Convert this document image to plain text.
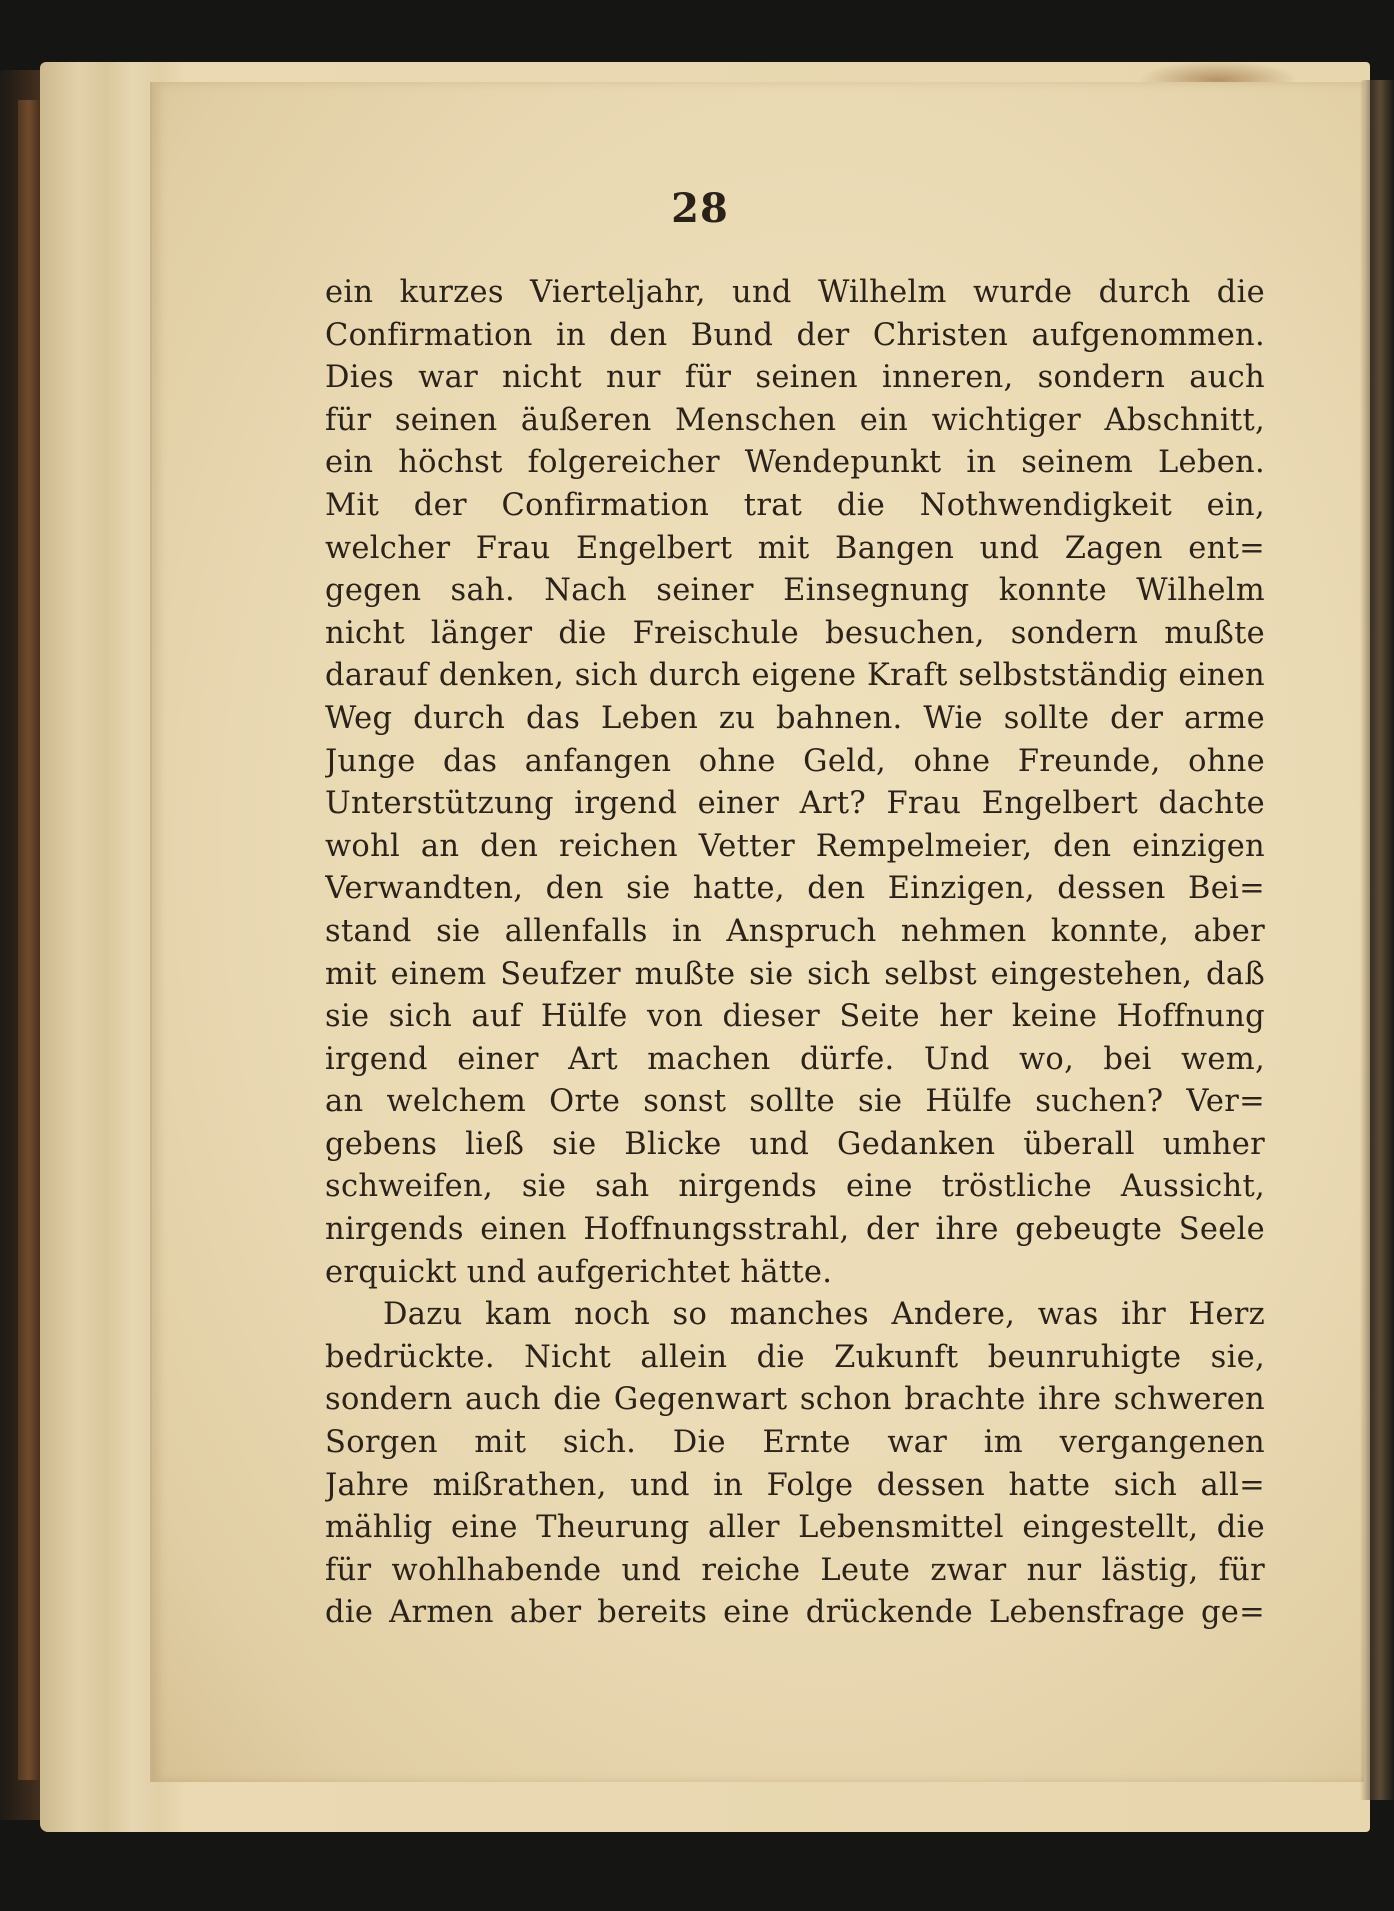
28
ein kurzes Vierteljahr, und Wilhelm wurde durch die
Confirmation in den Bund der Christen aufgenommen.
Dies war nicht nur für seinen inneren, sondern auch
für seinen äußeren Menschen ein wichtiger Abschnitt,
ein höchst folgereicher Wendepunkt in seinem Leben.
Mit der Confirmation trat die Nothwendigkeit ein,
welcher Frau Engelbert mit Bangen und Zagen ent=
gegen sah. Nach seiner Einsegnung konnte Wilhelm
nicht länger die Freischule besuchen, sondern mußte
darauf denken, sich durch eigene Kraft selbstständig einen
Weg durch das Leben zu bahnen. Wie sollte der arme
Junge das anfangen ohne Geld, ohne Freunde, ohne
Unterstützung irgend einer Art? Frau Engelbert dachte
wohl an den reichen Vetter Rempelmeier, den einzigen
Verwandten, den sie hatte, den Einzigen, dessen Bei=
stand sie allenfalls in Anspruch nehmen konnte, aber
mit einem Seufzer mußte sie sich selbst eingestehen, daß
sie sich auf Hülfe von dieser Seite her keine Hoffnung
irgend einer Art machen dürfe. Und wo, bei wem,
an welchem Orte sonst sollte sie Hülfe suchen? Ver=
gebens ließ sie Blicke und Gedanken überall umher
schweifen, sie sah nirgends eine tröstliche Aussicht,
nirgends einen Hoffnungsstrahl, der ihre gebeugte Seele
erquickt und aufgerichtet hätte.
Dazu kam noch so manches Andere, was ihr Herz
bedrückte. Nicht allein die Zukunft beunruhigte sie,
sondern auch die Gegenwart schon brachte ihre schweren
Sorgen mit sich. Die Ernte war im vergangenen
Jahre mißrathen, und in Folge dessen hatte sich all=
mählig eine Theurung aller Lebensmittel eingestellt, die
für wohlhabende und reiche Leute zwar nur lästig, für
die Armen aber bereits eine drückende Lebensfrage ge=
